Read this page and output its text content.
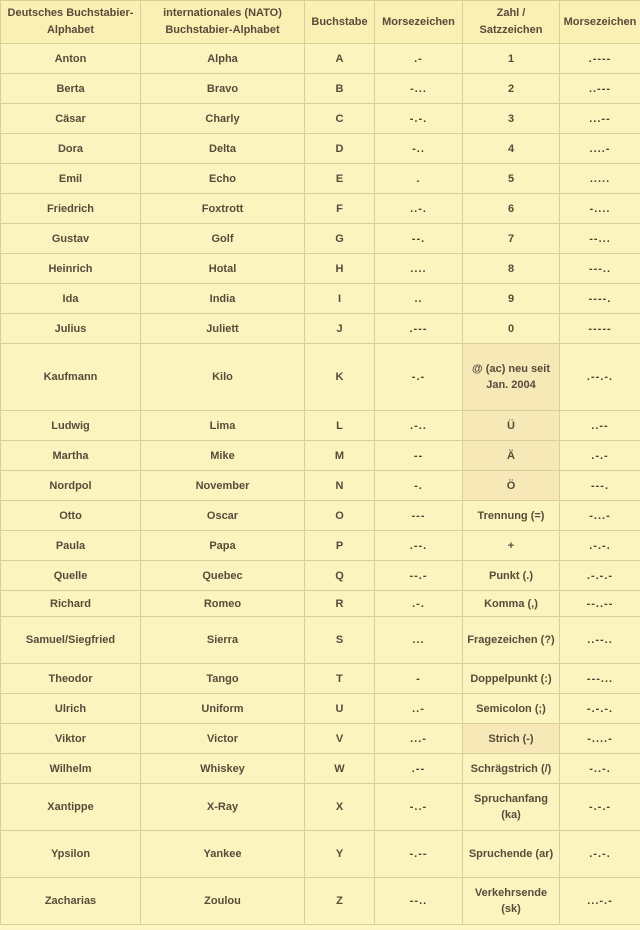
Deutsches Buchstabier-Alphabet	internationales (NATO) Buchstabier-Alphabet	Buchstabe	Morsezeichen	Zahl / Satzzeichen	Morsezeichen
Anton	Alpha	A	.-	1	.----
Berta	Bravo	B	-...	2	..---
Cäsar	Charly	C	-.-.	3	...--
Dora	Delta	D	-..	4	....-
Emil	Echo	E	.	5	.....
Friedrich	Foxtrott	F	..-.	6	-....
Gustav	Golf	G	--.	7	--...
Heinrich	Hotal	H	....	8	---..
Ida	India	I	..	9	----.
Julius	Juliett	J	.---	0	-----
Kaufmann	Kilo	K	-.-	@ (ac) neu seit Jan. 2004	.--.-.
Ludwig	Lima	L	.-..	Ü	..--
Martha	Mike	M	--	Ä	.-.-
Nordpol	November	N	-.	Ö	---.
Otto	Oscar	O	---	Trennung (=)	-...-
Paula	Papa	P	.--.	+	.-.-.
Quelle	Quebec	Q	--.-	Punkt (.)	.-.-.-
Richard	Romeo	R	.-.	Komma (,)	--..--
Samuel/Siegfried	Sierra	S	...	Fragezeichen (?)	..--..
Theodor	Tango	T	-	Doppelpunkt (:)	---...
Ulrich	Uniform	U	..-	Semicolon (;)	-.-.-.
Viktor	Victor	V	...-	Strich (-)	-....-
Wilhelm	Whiskey	W	.--	Schrägstrich (/)	-..-.
Xantippe	X-Ray	X	-..-	Spruchanfang (ka)	-.-.-
Ypsilon	Yankee	Y	-.--	Spruchende (ar)	.-.-.
Zacharias	Zoulou	Z	--..	Verkehrsende (sk)	...-.-
